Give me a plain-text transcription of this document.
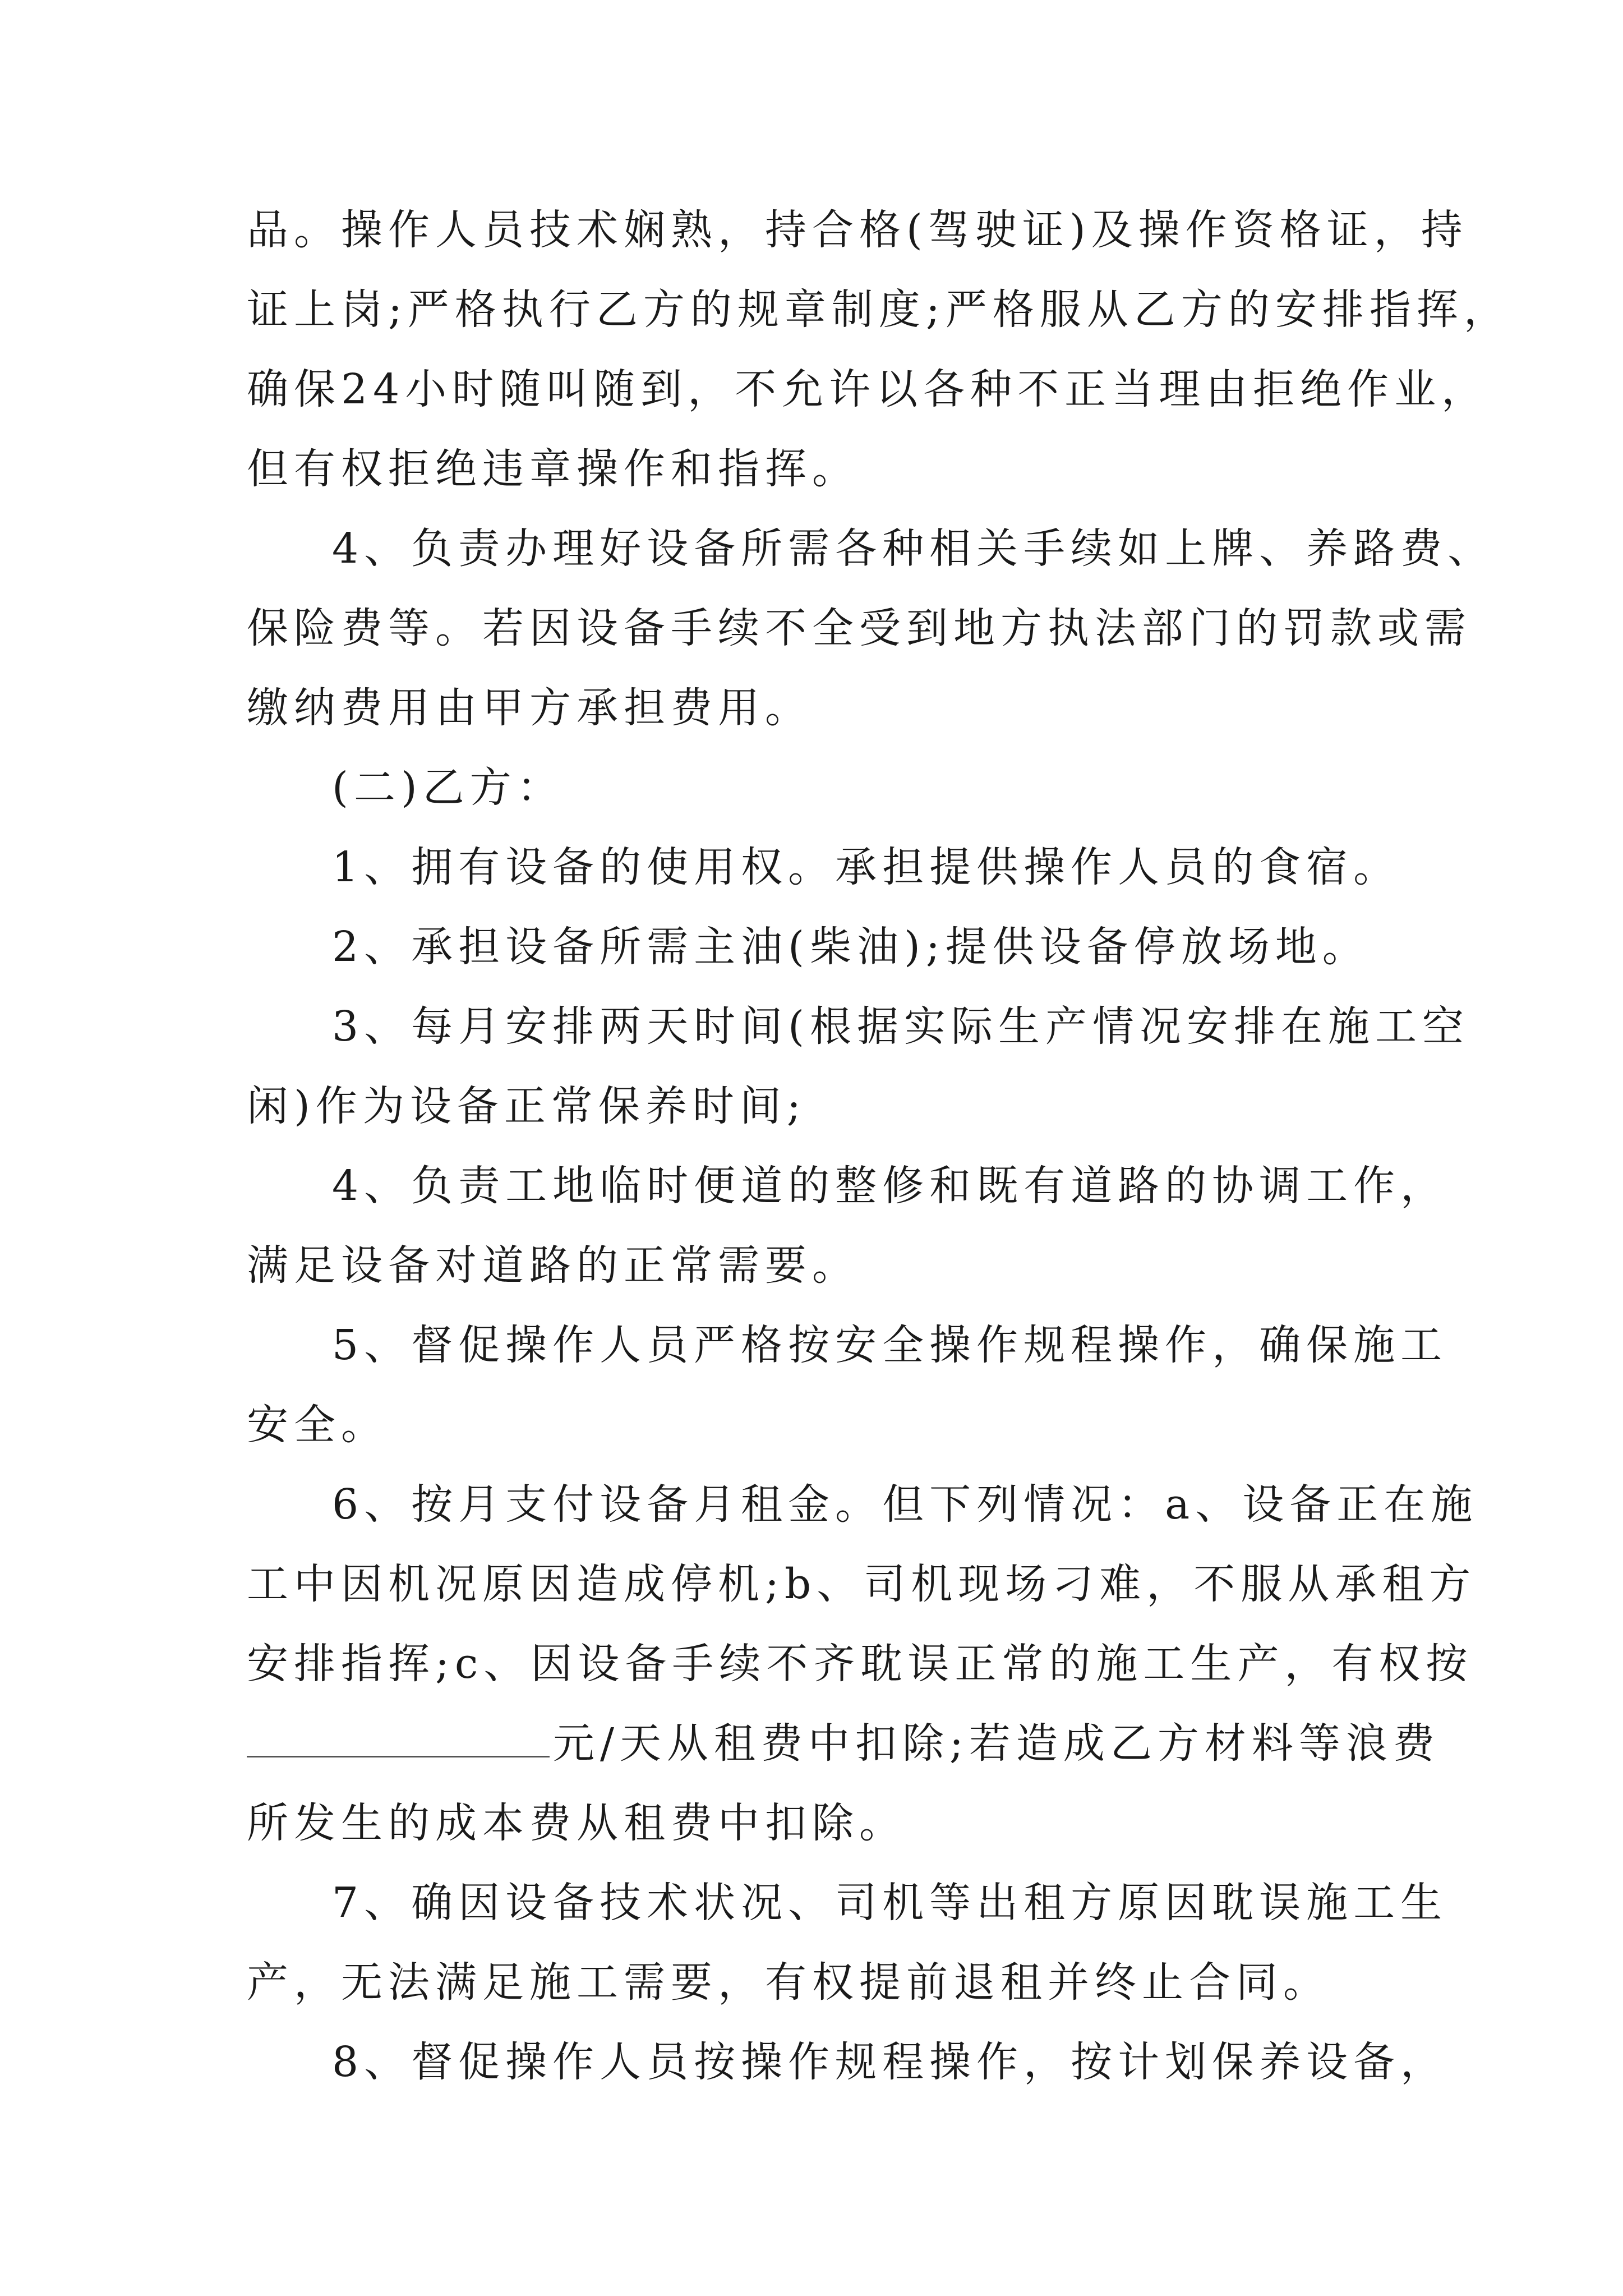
品。操作人员技术娴熟，持合格(驾驶证)及操作资格证，持
证上岗;严格执行乙方的规章制度;严格服从乙方的安排指挥，
确保24小时随叫随到，不允许以各种不正当理由拒绝作业，
但有权拒绝违章操作和指挥。
4、负责办理好设备所需各种相关手续如上牌、养路费、
保险费等。若因设备手续不全受到地方执法部门的罚款或需
缴纳费用由甲方承担费用。
(二)乙方：
1、拥有设备的使用权。承担提供操作人员的食宿。
2、承担设备所需主油(柴油);提供设备停放场地。
3、每月安排两天时间(根据实际生产情况安排在施工空
闲)作为设备正常保养时间;
4、负责工地临时便道的整修和既有道路的协调工作，
满足设备对道路的正常需要。
5、督促操作人员严格按安全操作规程操作，确保施工
安全。
6、按月支付设备月租金。但下列情况：a、设备正在施
工中因机况原因造成停机;b、司机现场刁难，不服从承租方
安排指挥;c、因设备手续不齐耽误正常的施工生产，有权按
元/天从租费中扣除;若造成乙方材料等浪费
所发生的成本费从租费中扣除。
7、确因设备技术状况、司机等出租方原因耽误施工生
产，无法满足施工需要，有权提前退租并终止合同。
8、督促操作人员按操作规程操作，按计划保养设备，
